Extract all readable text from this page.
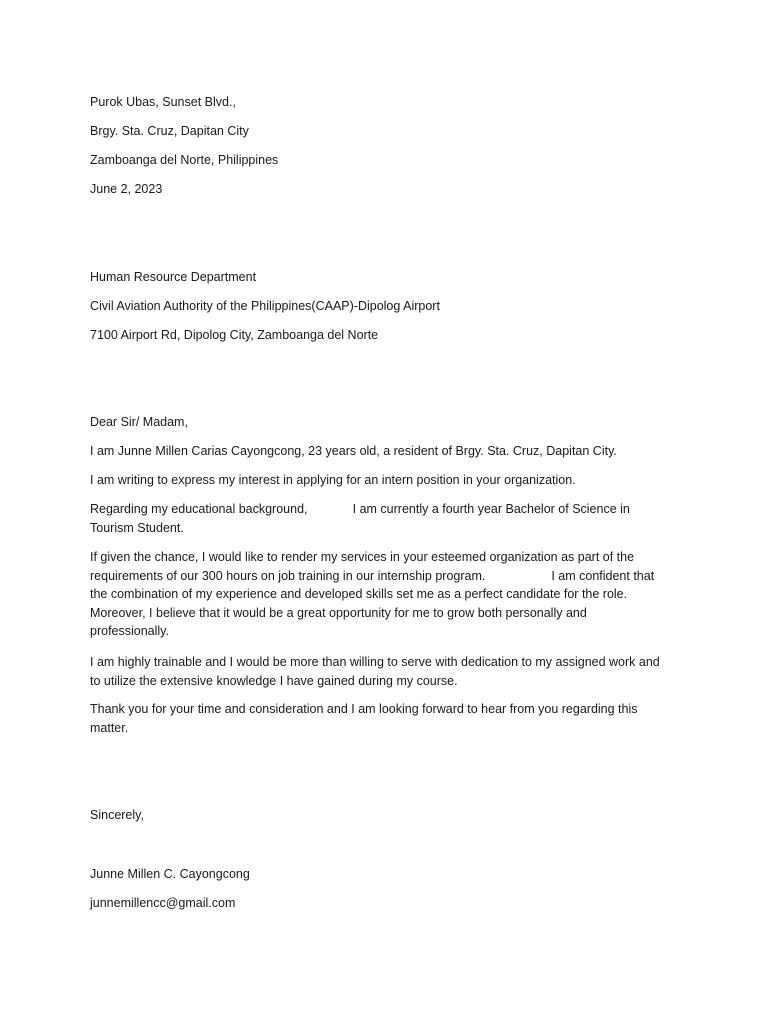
Purok Ubas, Sunset Blvd.,

Brgy. Sta. Cruz, Dapitan City

Zamboanga del Norte, Philippines

June 2, 2023

Human Resource Department

Civil Aviation Authority of the Philippines(CAAP)-Dipolog Airport

7100 Airport Rd, Dipolog City, Zamboanga del Norte

Dear Sir/ Madam,

I am Junne Millen Carias Cayongcong, 23 years old, a resident of Brgy. Sta. Cruz, Dapitan City.

I am writing to express my interest in applying for an intern position in your organization.

Regarding my educational background,             I am currently a fourth year Bachelor of Science in
Tourism Student.
If given the chance, I would like to render my services in your esteemed organization as part of the
requirements of our 300 hours on job training in our internship program.                   I am confident that
the combination of my experience and developed skills set me as a perfect candidate for the role.
Moreover, I believe that it would be a great opportunity for me to grow both personally and
professionally.
I am highly trainable and I would be more than willing to serve with dedication to my assigned work and
to utilize the extensive knowledge I have gained during my course.
Thank you for your time and consideration and I am looking forward to hear from you regarding this
matter.

Sincerely,

Junne Millen C. Cayongcong

junnemillencc@gmail.com
